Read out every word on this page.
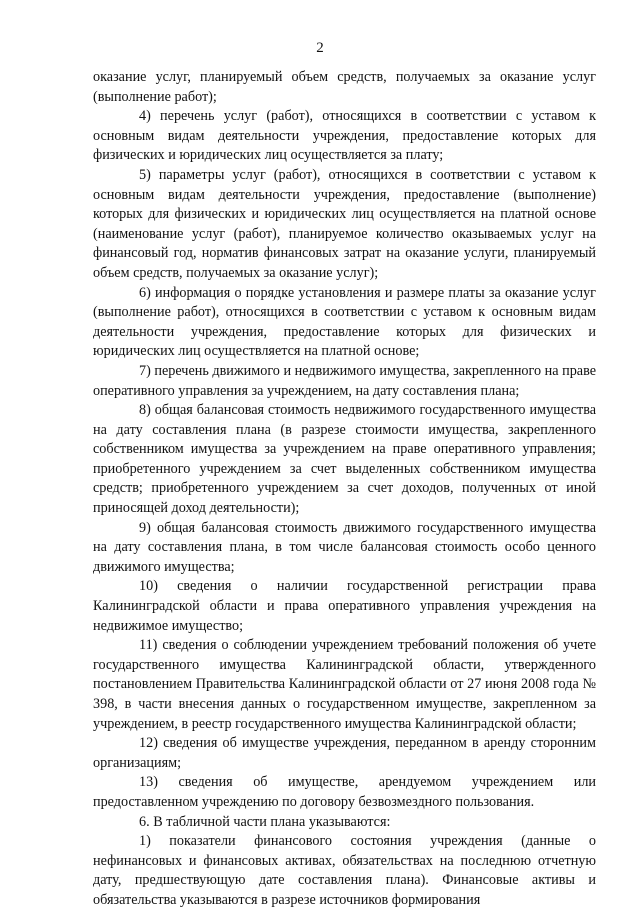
2

оказание услуг, планируемый объем средств, получаемых за оказание услуг (выполнение работ);

4) перечень услуг (работ), относящихся в соответствии с уставом к основным видам деятельности учреждения, предоставление которых для физических и юридических лиц осуществляется за плату;

5) параметры услуг (работ), относящихся в соответствии с уставом к основным видам деятельности учреждения, предоставление (выполнение) которых для физических и юридических лиц осуществляется на платной основе (наименование услуг (работ), планируемое количество оказываемых услуг на финансовый год, норматив финансовых затрат на оказание услуги, планируемый объем средств, получаемых за оказание услуг);

6) информация о порядке установления и размере платы за оказание услуг (выполнение работ), относящихся в соответствии с уставом к основным видам деятельности учреждения, предоставление которых для физических и юридических лиц осуществляется на платной основе;

7) перечень движимого и недвижимого имущества, закрепленного на праве оперативного управления за учреждением, на дату составления плана;

8) общая балансовая стоимость недвижимого государственного имущества на дату составления плана (в разрезе стоимости имущества, закрепленного собственником имущества за учреждением на праве оперативного управления; приобретенного учреждением за счет выделенных собственником имущества средств; приобретенного учреждением за счет доходов, полученных от иной приносящей доход деятельности);

9) общая балансовая стоимость движимого государственного имущества на дату составления плана, в том числе балансовая стоимость особо ценного движимого имущества;

10) сведения о наличии государственной регистрации права Калининградской области и права оперативного управления учреждения на недвижимое имущество;

11) сведения о соблюдении учреждением требований положения об учете государственного имущества Калининградской области, утвержденного постановлением Правительства Калининградской области от 27 июня 2008 года № 398, в части внесения данных о государственном имуществе, закрепленном за учреждением, в реестр государственного имущества Калининградской области;

12) сведения об имуществе учреждения, переданном в аренду сторонним организациям;

13) сведения об имуществе, арендуемом учреждением или предоставленном учреждению по договору безвозмездного пользования.

6. В табличной части плана указываются:

1) показатели финансового состояния учреждения (данные о нефинансовых и финансовых активах, обязательствах на последнюю отчетную дату, предшествующую дате составления плана). Финансовые активы и обязательства указываются в разрезе источников формирования
